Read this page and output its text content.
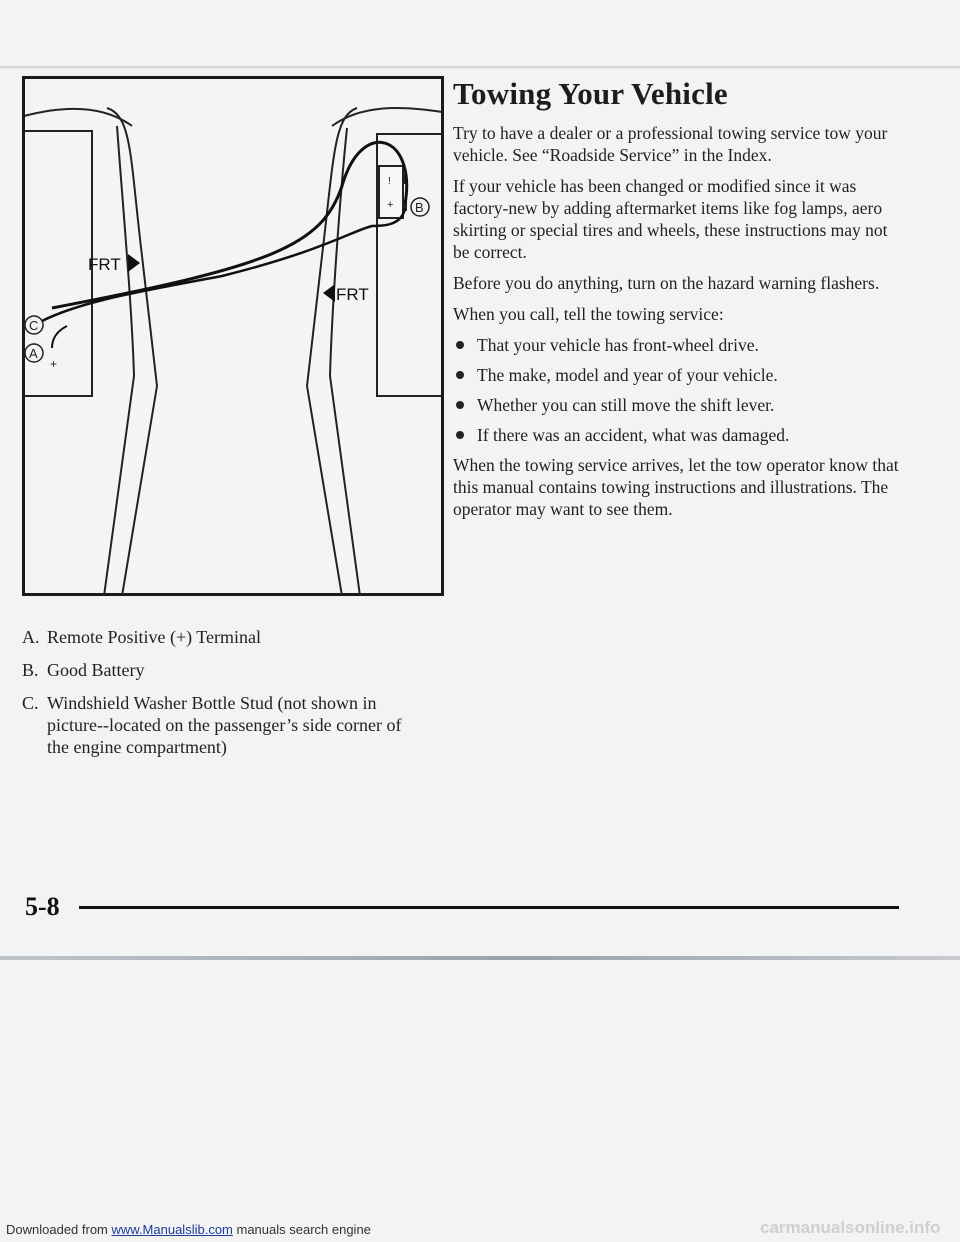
!
+
FRT
FRT
B
C
A
+
A. Remote Positive (+) Terminal
B. Good Battery
C. Windshield Washer Bottle Stud (not shown in picture--located on the passenger’s side corner of the engine compartment)
Towing Your Vehicle

Try to have a dealer or a professional towing service tow your vehicle. See “Roadside Service” in the Index.

If your vehicle has been changed or modified since it was factory-new by adding aftermarket items like fog lamps, aero skirting or special tires and wheels, these instructions may not be correct.

Before you do anything, turn on the hazard warning flashers.

When you call, tell the towing service:

That your vehicle has front-wheel drive.
The make, model and year of your vehicle.
Whether you can still move the shift lever.
If there was an accident, what was damaged.

When the towing service arrives, let the tow operator know that this manual contains towing instructions and illustrations. The operator may want to see them.

5-8
Downloaded from www.Manualslib.com manuals search engine	carmanualsonline.info
